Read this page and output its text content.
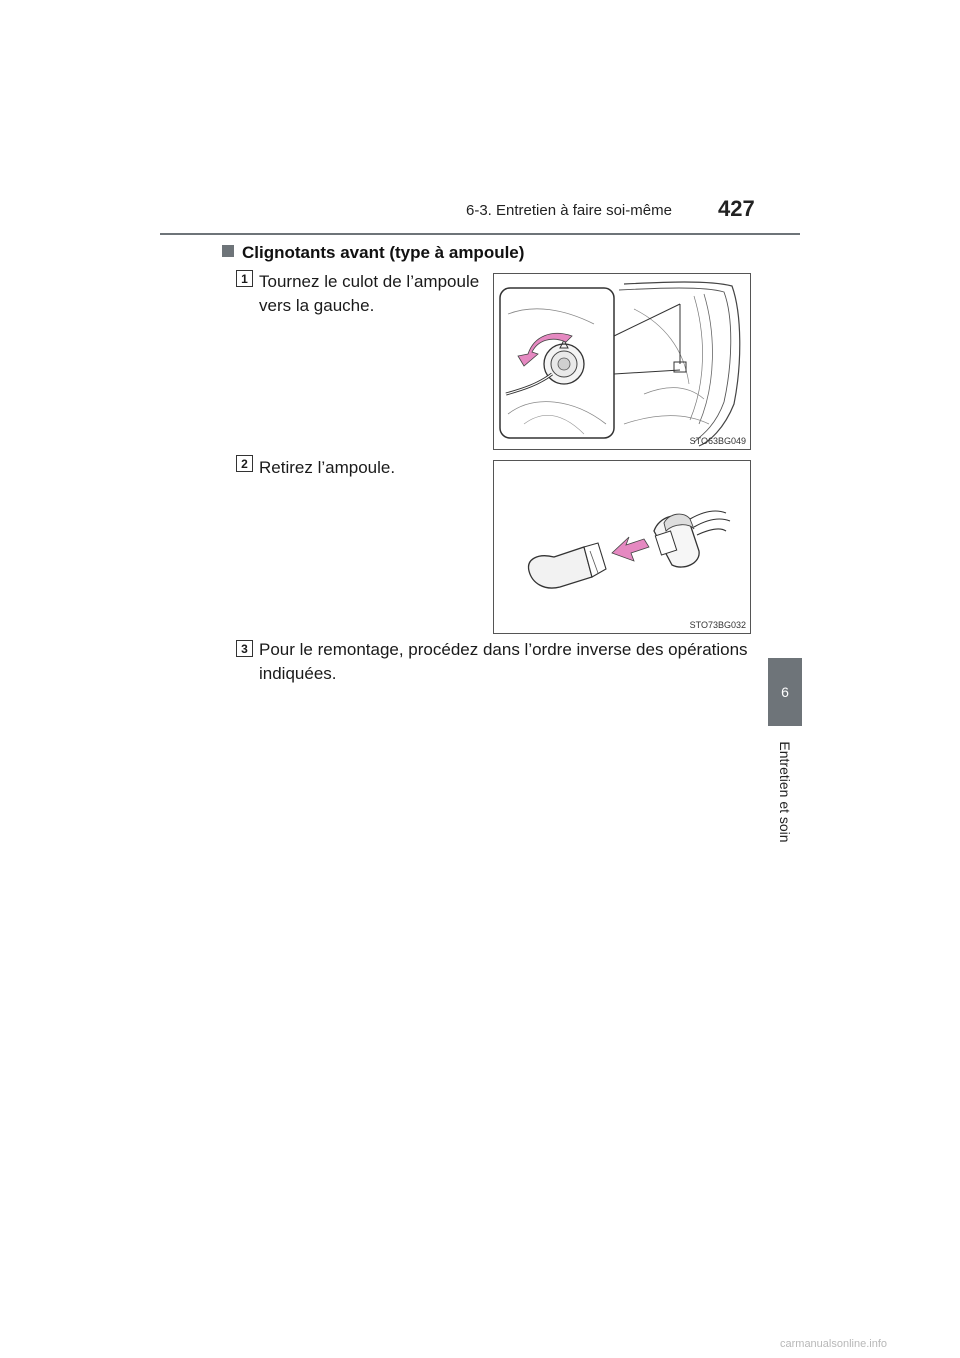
6-3. Entretien à faire soi-même 427
6
Entretien et soin
Clignotants avant (type à ampoule)
1 Tournez le culot de l’ampoule
vers la gauche.
STO63BG049
2 Retirez l’ampoule.
STO73BG032
3 Pour le remontage, procédez dans l’ordre inverse des opérations
indiquées.
carmanualsonline.info
